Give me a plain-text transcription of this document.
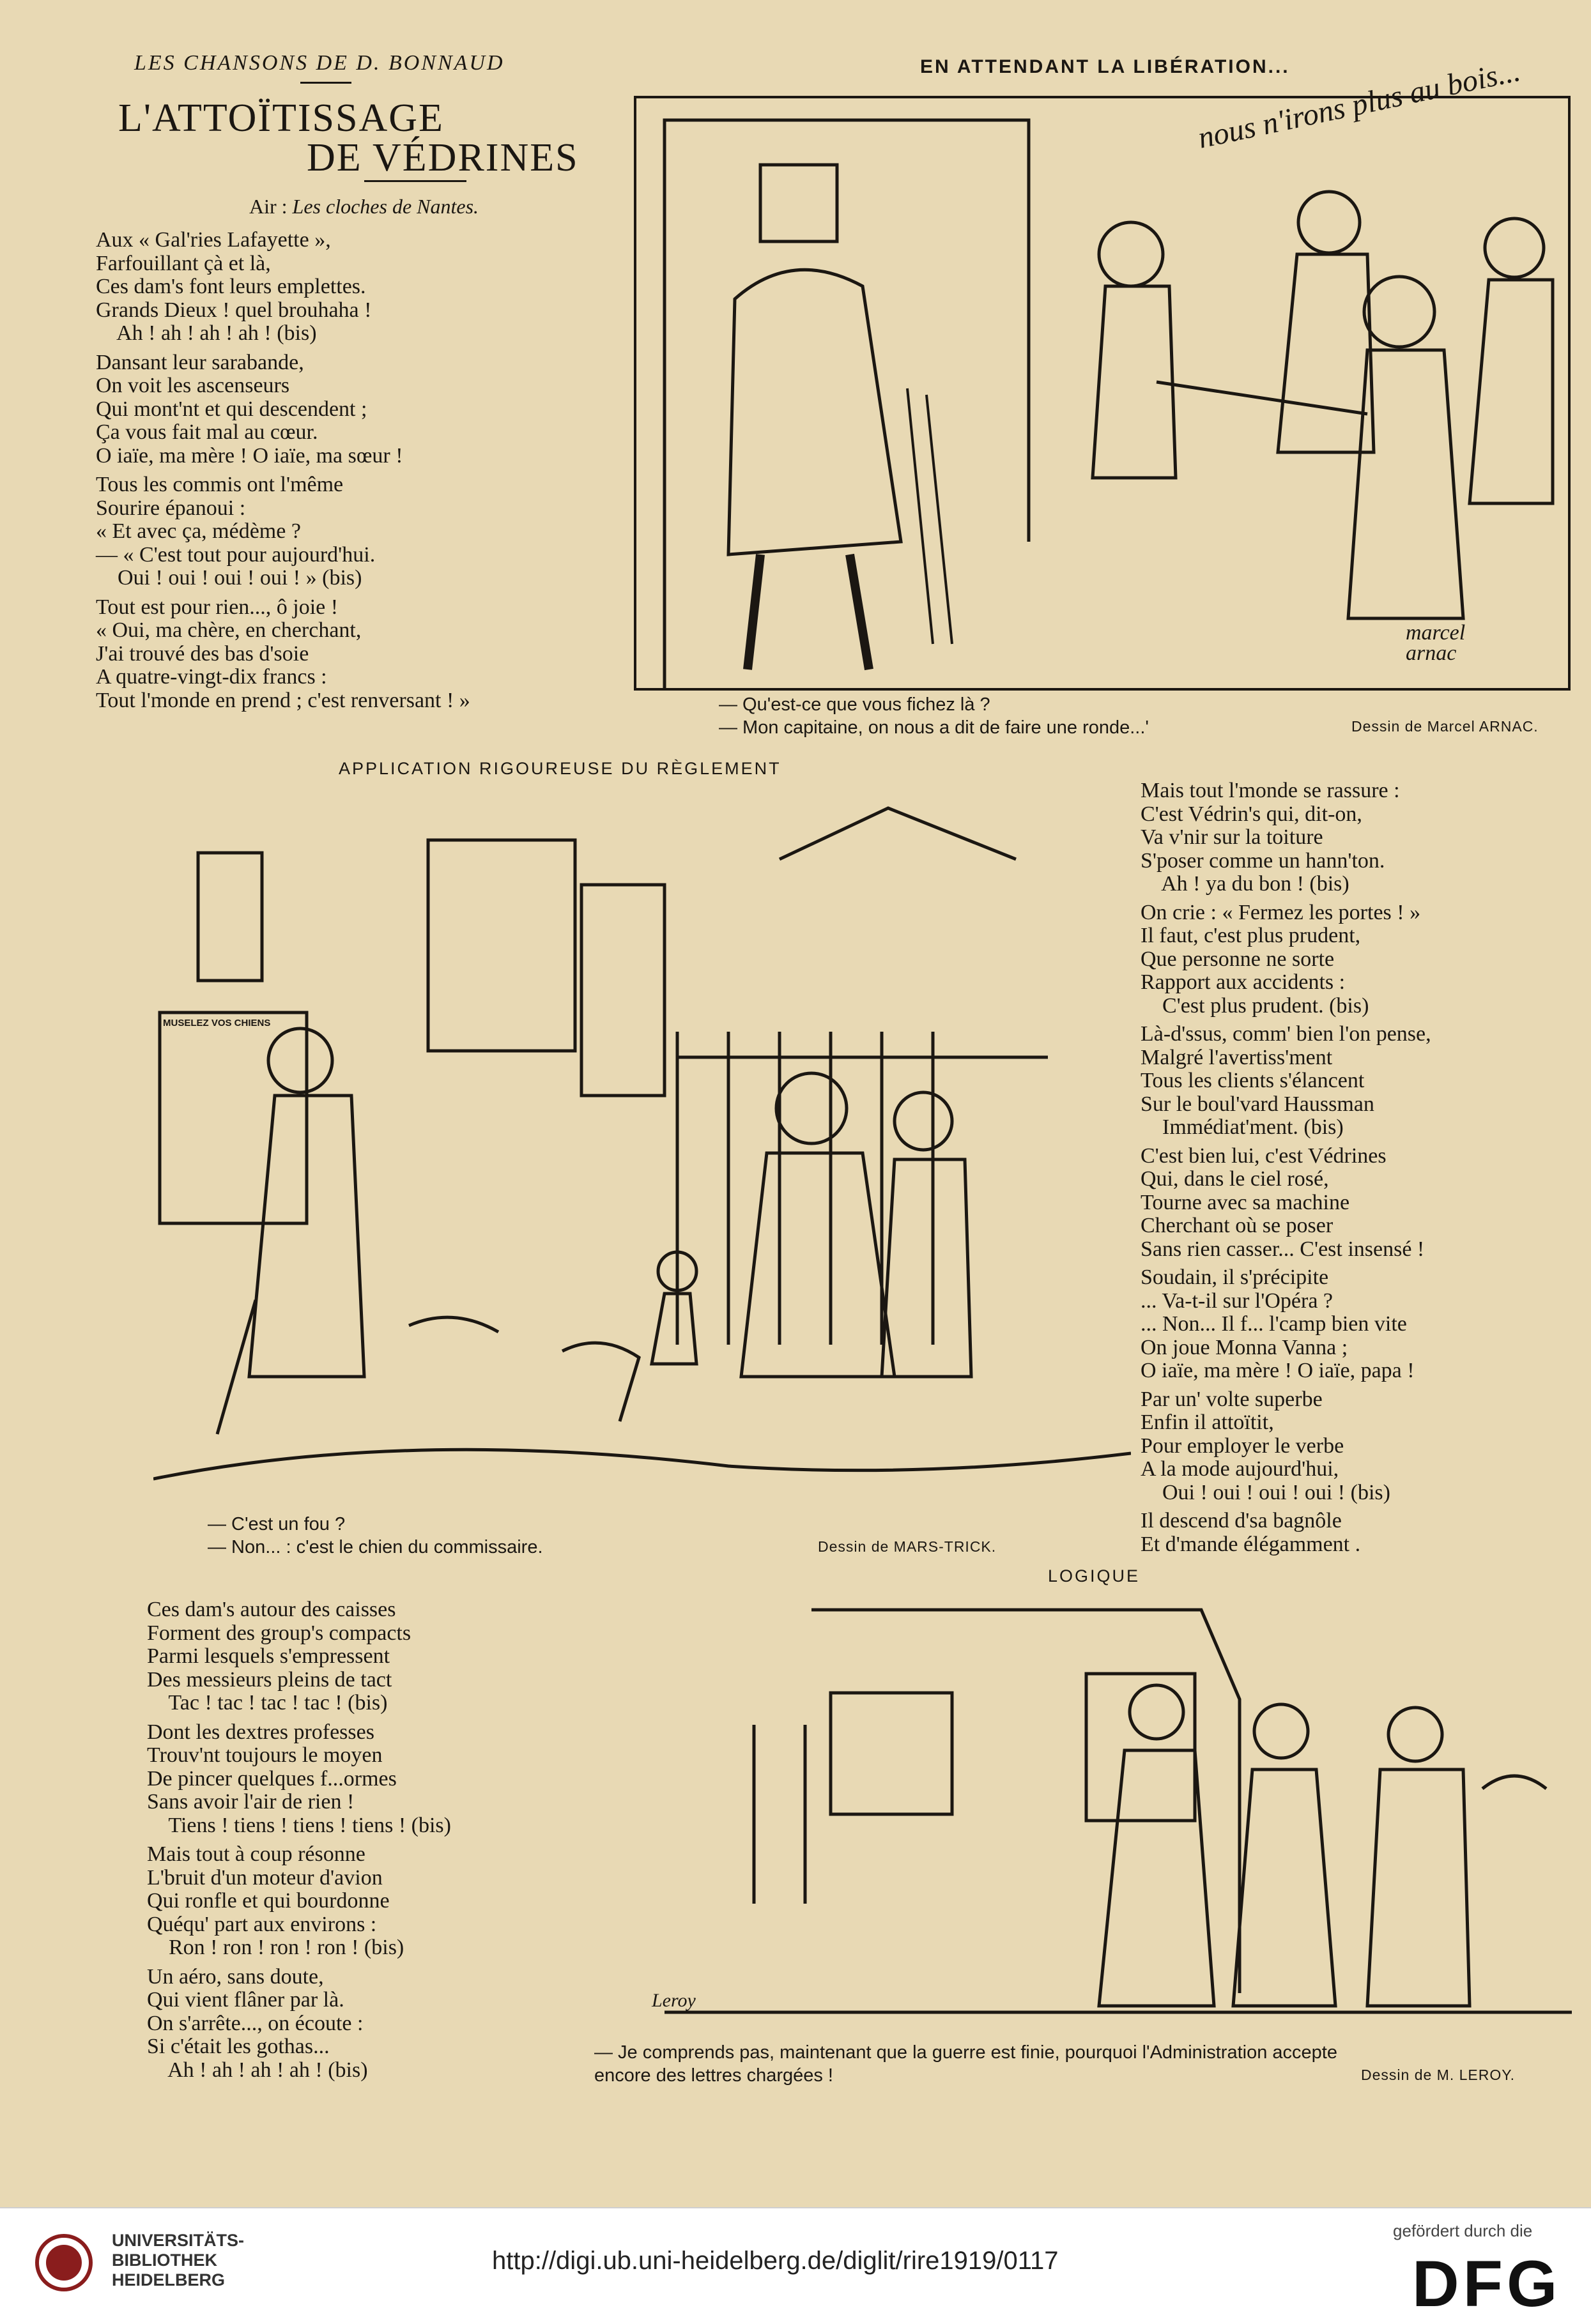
LES CHANSONS DE D. BONNAUD	EN ATTENDANT LA LIBÉRATION...
L'ATTOÏTISSAGE
DE VÉDRINES
Air : Les cloches de Nantes.
Aux « Gal'ries Lafayette »,
Farfouillant çà et là,
Ces dam's font leurs emplettes.
Grands Dieux ! quel brouhaha !
Ah ! ah ! ah ! ah ! (bis)
Dansant leur sarabande,
On voit les ascenseurs
Qui mont'nt et qui descendent ;
Ça vous fait mal au cœur.
O iaïe, ma mère ! O iaïe, ma sœur !
Tous les commis ont l'même
Sourire épanoui :
« Et avec ça, médème ?
— « C'est tout pour aujourd'hui.
Oui ! oui ! oui ! oui ! » (bis)
Tout est pour rien..., ô joie !
« Oui, ma chère, en cherchant,
J'ai trouvé des bas d'soie
A quatre-vingt-dix francs :
Tout l'monde en prend ; c'est renversant ! »
Ces dam's autour des caisses
Forment des group's compacts
Parmi lesquels s'empressent
Des messieurs pleins de tact
Tac ! tac ! tac ! tac ! (bis)
Dont les dextres professes
Trouv'nt toujours le moyen
De pincer quelques f...ormes
Sans avoir l'air de rien !
Tiens ! tiens ! tiens ! tiens ! (bis)
Mais tout à coup résonne
L'bruit d'un moteur d'avion
Qui ronfle et qui bourdonne
Quéqu' part aux environs :
Ron ! ron ! ron ! ron ! (bis)
Un aéro, sans doute,
Qui vient flâner par là.
On s'arrête..., on écoute :
Si c'était les gothas...
Ah ! ah ! ah ! ah ! (bis)
Mais tout l'monde se rassure :
C'est Védrin's qui, dit-on,
Va v'nir sur la toiture
S'poser comme un hann'ton.
Ah ! ya du bon ! (bis)
On crie : « Fermez les portes ! »
Il faut, c'est plus prudent,
Que personne ne sorte
Rapport aux accidents :
C'est plus prudent. (bis)
Là-d'ssus, comm' bien l'on pense,
Malgré l'avertiss'ment
Tous les clients s'élancent
Sur le boul'vard Haussman
Immédiat'ment. (bis)
C'est bien lui, c'est Védrines
Qui, dans le ciel rosé,
Tourne avec sa machine
Cherchant où se poser
Sans rien casser... C'est insensé !
Soudain, il s'précipite
... Va-t-il sur l'Opéra ?
... Non... Il f... l'camp bien vite
On joue Monna Vanna ;
O iaïe, ma mère ! O iaïe, papa !
Par un' volte superbe
Enfin il attoïtit,
Pour employer le verbe
A la mode aujourd'hui,
Oui ! oui ! oui ! oui ! (bis)
Il descend d'sa bagnôle
Et d'mande élégamment .
nous n'irons plus au bois...
marcel arnac
— Qu'est-ce que vous fichez là ?
— Mon capitaine, on nous a dit de faire une ronde...'	Dessin de Marcel ARNAC.
APPLICATION RIGOUREUSE DU RÈGLEMENT
MUSELEZ VOS CHIENS
— C'est un fou ?
— Non... : c'est le chien du commissaire.	Dessin de MARS-TRICK.
LOGIQUE
Leroy
— Je comprends pas, maintenant que la guerre est finie, pourquoi l'Administration accepte
encore des lettres chargées !	Dessin de M. LEROY.
UNIVERSITÄTS-
BIBLIOTHEK
HEIDELBERG
http://digi.ub.uni-heidelberg.de/diglit/rire1919/0117
gefördert durch die
DFG
